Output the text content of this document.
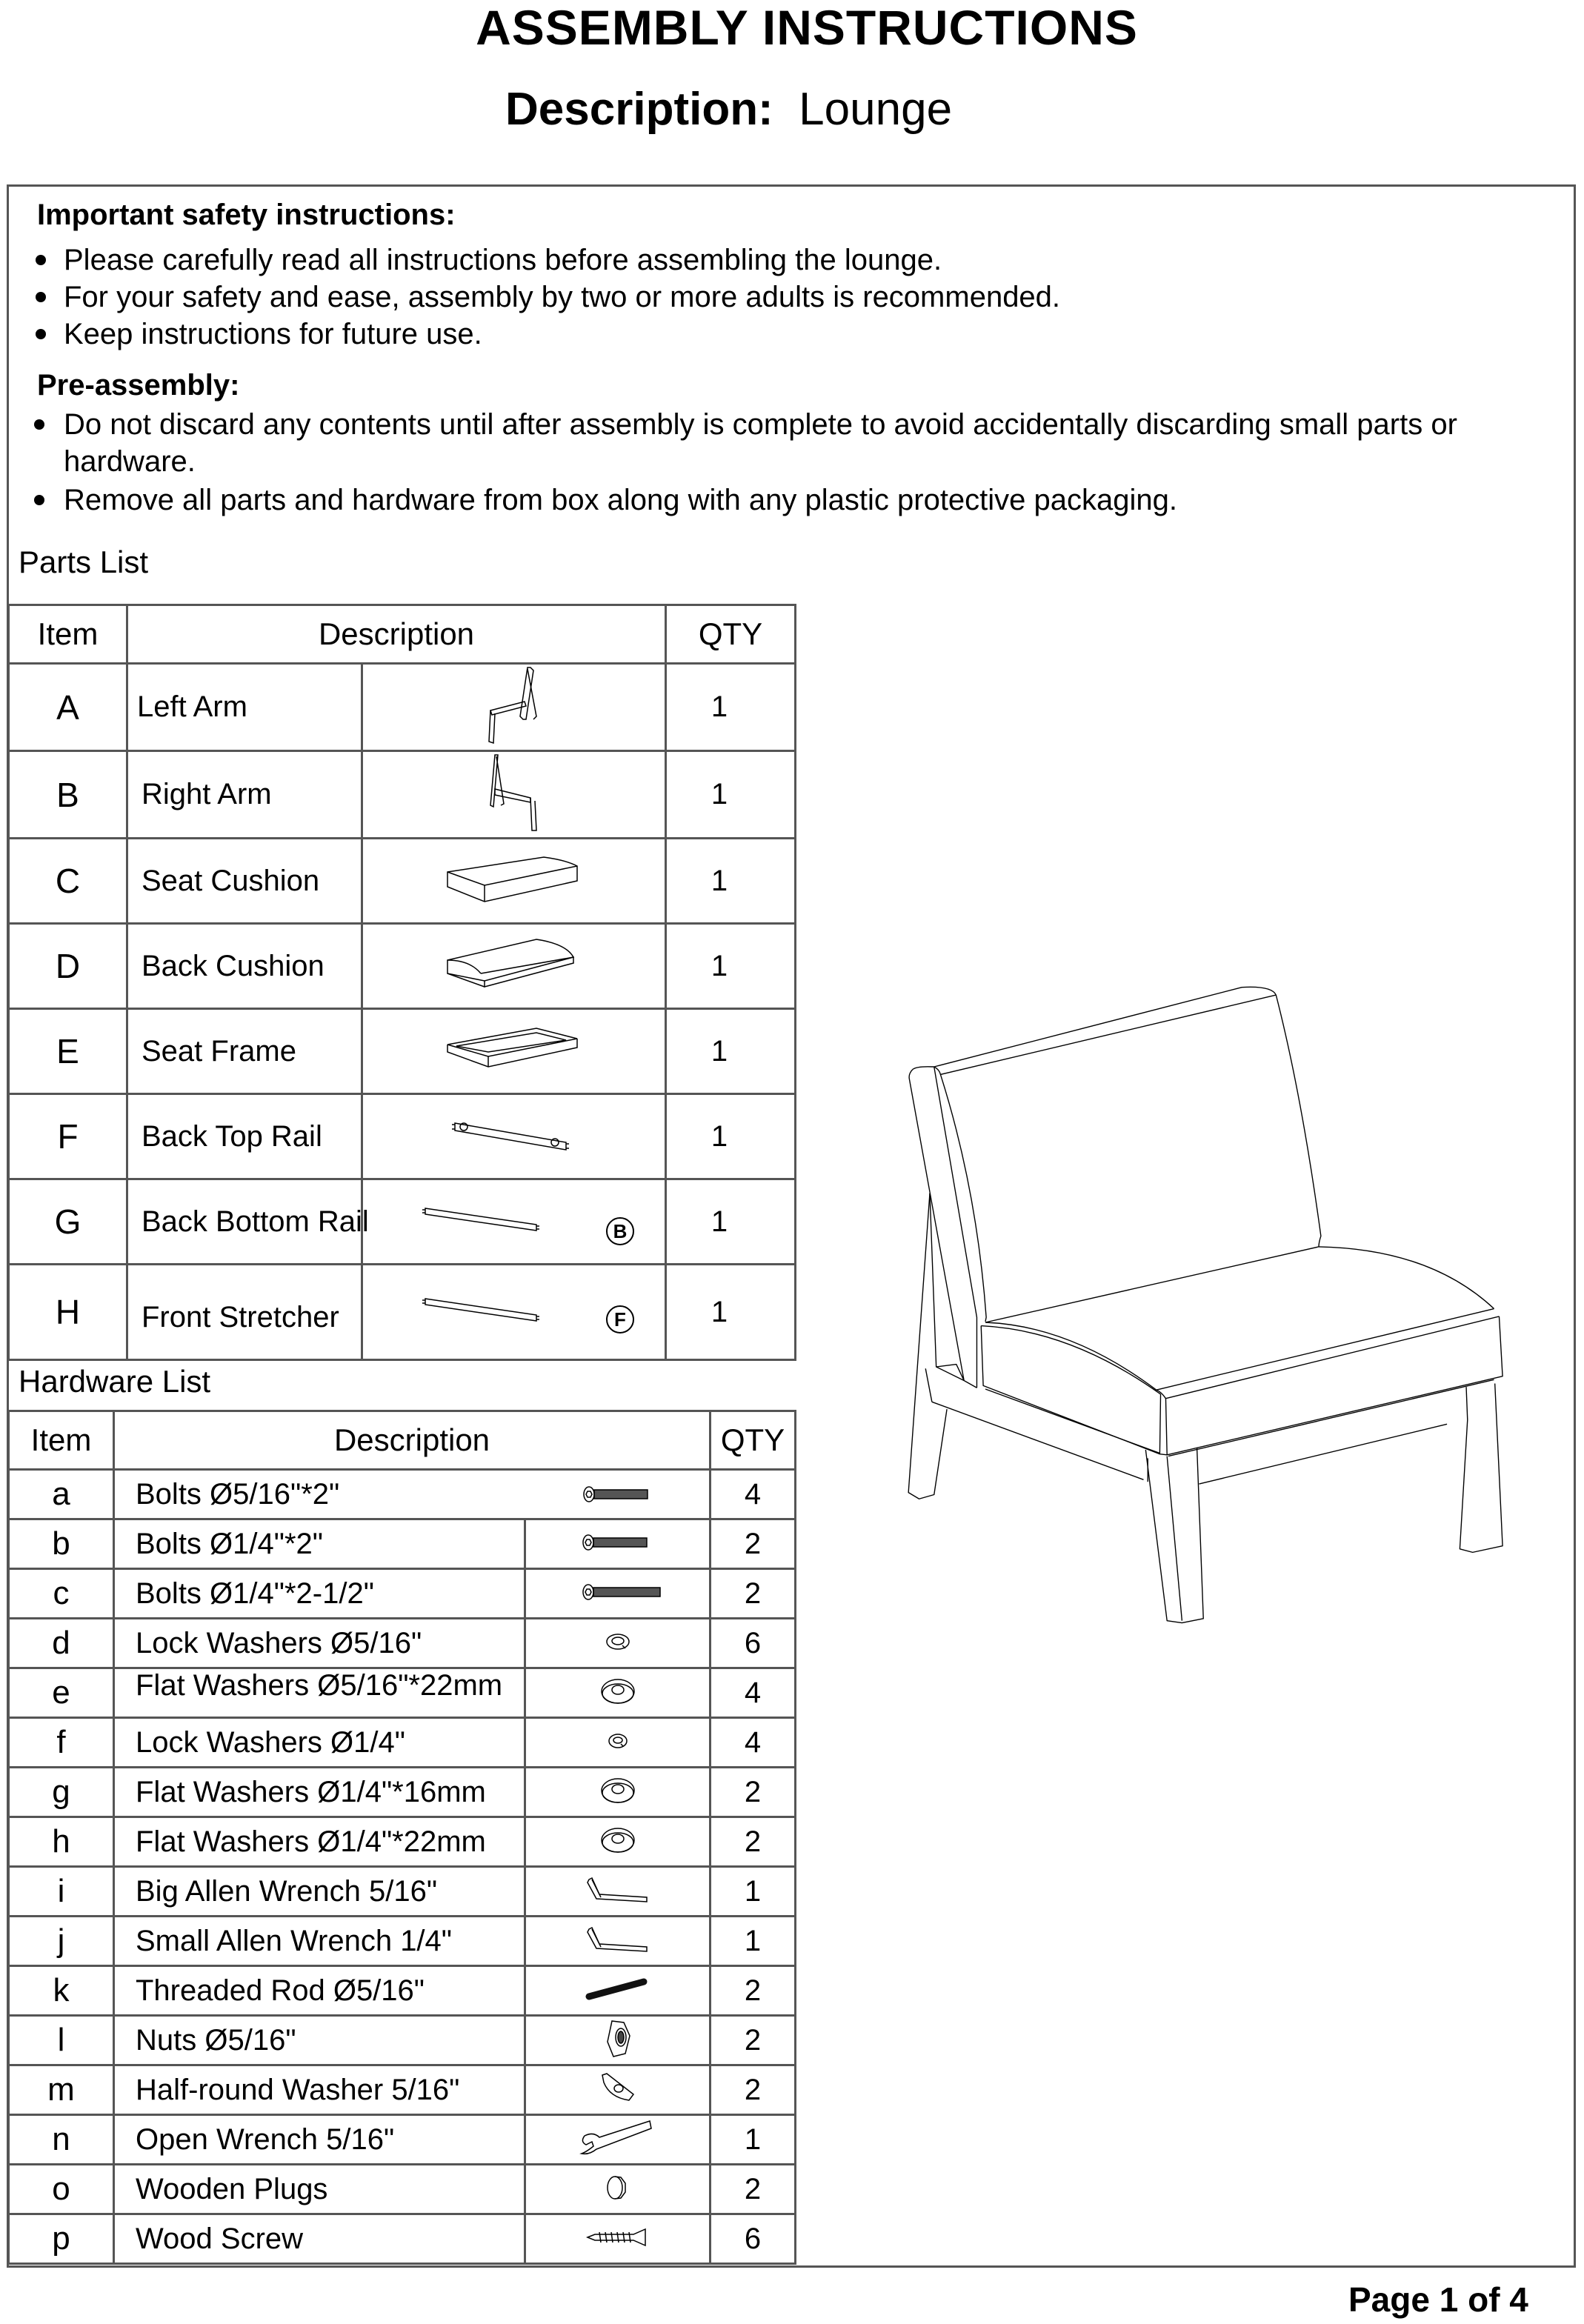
ASSEMBLY INSTRUCTIONS
Description: Lounge
Important safety instructions:
Please carefully read all instructions before assembling the lounge.
For your safety and ease, assembly by two or more adults is recommended.
Keep instructions for future use.
Pre-assembly:
Do not discard any contents until after assembly is complete to avoid accidentally discarding small parts or hardware.
Remove all parts and hardware from box along with any plastic protective packaging.
Parts List
Item	Description		QTY
A	Left Arm		1
B	Right Arm		1
C	Seat Cushion		1
D	Back Cushion		1
E	Seat Frame		1
F	Back Top Rail		1
G	Back Bottom Rail	B	1
H	Front Stretcher	F	1
Hardware List
Item	Description		QTY
a	Bolts Ø5/16"*2"		4
b	Bolts Ø1/4"*2"		2
c	Bolts Ø1/4"*2-1/2"		2
d	Lock Washers Ø5/16"		6
e	Flat Washers Ø5/16"*22mm		4
f	Lock Washers Ø1/4"		4
g	Flat Washers Ø1/4"*16mm		2
h	Flat Washers Ø1/4"*22mm		2
i	Big Allen Wrench 5/16"		1
j	Small Allen Wrench 1/4"		1
k	Threaded Rod Ø5/16"		2
l	Nuts Ø5/16"		2
m	Half-round Washer 5/16"		2
n	Open Wrench 5/16"		1
o	Wooden Plugs		2
p	Wood Screw		6
Page 1 of 4
